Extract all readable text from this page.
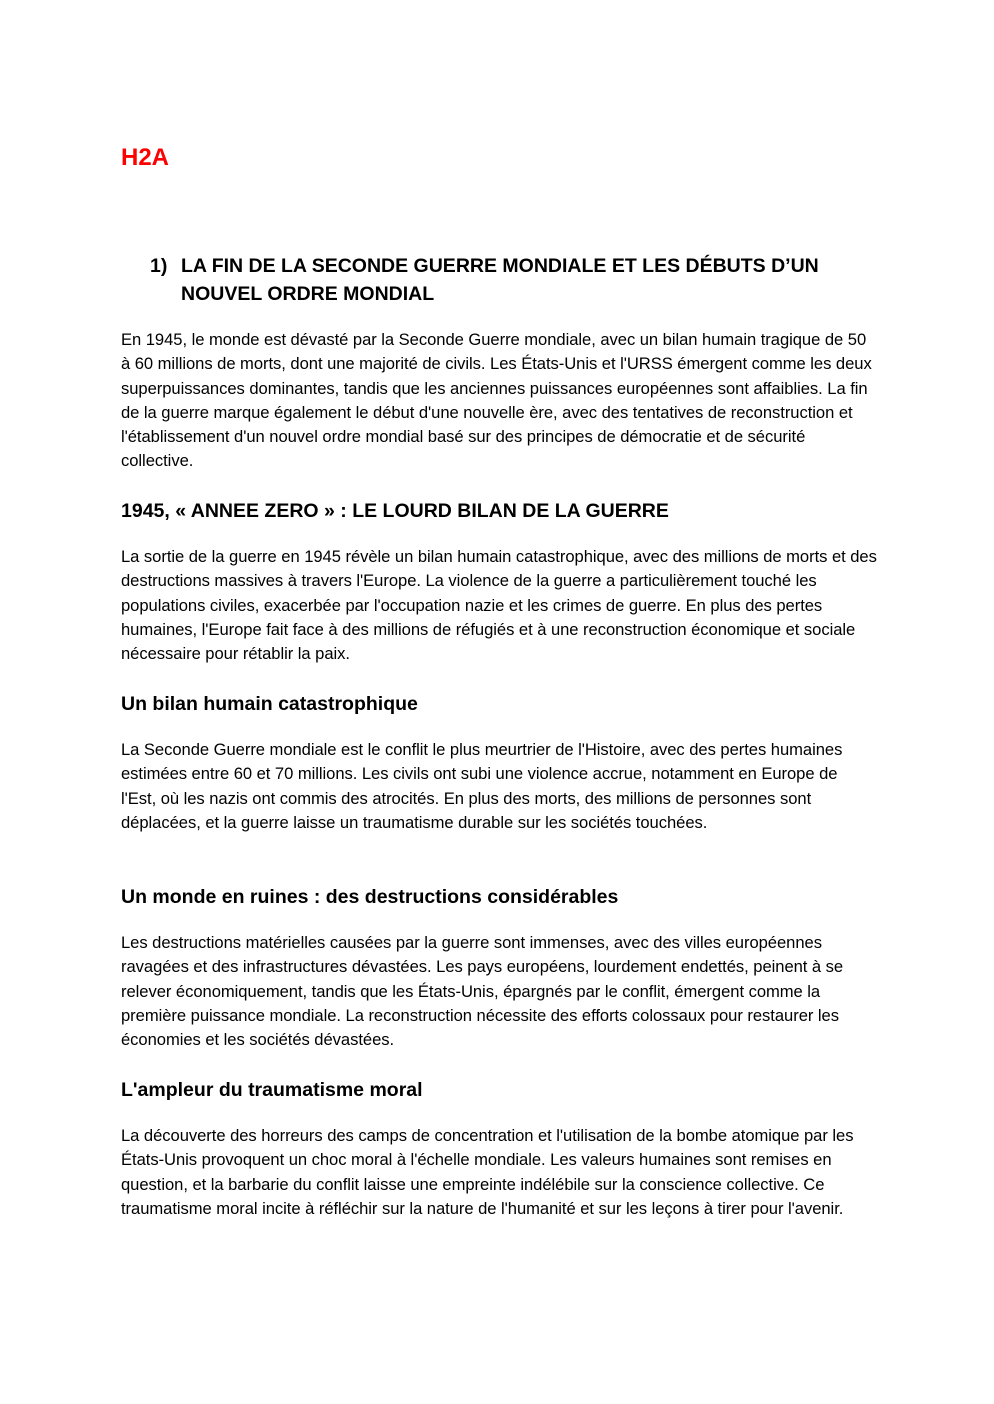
H2A
1) LA FIN DE LA SECONDE GUERRE MONDIALE ET LES DÉBUTS D’UN NOUVEL ORDRE MONDIAL

En 1945, le monde est dévasté par la Seconde Guerre mondiale, avec un bilan humain tragique de 50 à 60 millions de morts, dont une majorité de civils. Les États-Unis et l'URSS émergent comme les deux superpuissances dominantes, tandis que les anciennes puissances européennes sont affaiblies. La fin de la guerre marque également le début d'une nouvelle ère, avec des tentatives de reconstruction et l'établissement d'un nouvel ordre mondial basé sur des principes de démocratie et de sécurité collective.

1945, « ANNEE ZERO » : LE LOURD BILAN DE LA GUERRE

La sortie de la guerre en 1945 révèle un bilan humain catastrophique, avec des millions de morts et des destructions massives à travers l'Europe. La violence de la guerre a particulièrement touché les populations civiles, exacerbée par l'occupation nazie et les crimes de guerre. En plus des pertes humaines, l'Europe fait face à des millions de réfugiés et à une reconstruction économique et sociale nécessaire pour rétablir la paix.

Un bilan humain catastrophique

La Seconde Guerre mondiale est le conflit le plus meurtrier de l'Histoire, avec des pertes humaines estimées entre 60 et 70 millions. Les civils ont subi une violence accrue, notamment en Europe de l'Est, où les nazis ont commis des atrocités. En plus des morts, des millions de personnes sont déplacées, et la guerre laisse un traumatisme durable sur les sociétés touchées.

Un monde en ruines : des destructions considérables

Les destructions matérielles causées par la guerre sont immenses, avec des villes européennes ravagées et des infrastructures dévastées. Les pays européens, lourdement endettés, peinent à se relever économiquement, tandis que les États-Unis, épargnés par le conflit, émergent comme la première puissance mondiale. La reconstruction nécessite des efforts colossaux pour restaurer les économies et les sociétés dévastées.

L'ampleur du traumatisme moral

La découverte des horreurs des camps de concentration et l'utilisation de la bombe atomique par les États-Unis provoquent un choc moral à l'échelle mondiale. Les valeurs humaines sont remises en question, et la barbarie du conflit laisse une empreinte indélébile sur la conscience collective. Ce traumatisme moral incite à réfléchir sur la nature de l'humanité et sur les leçons à tirer pour l'avenir.
